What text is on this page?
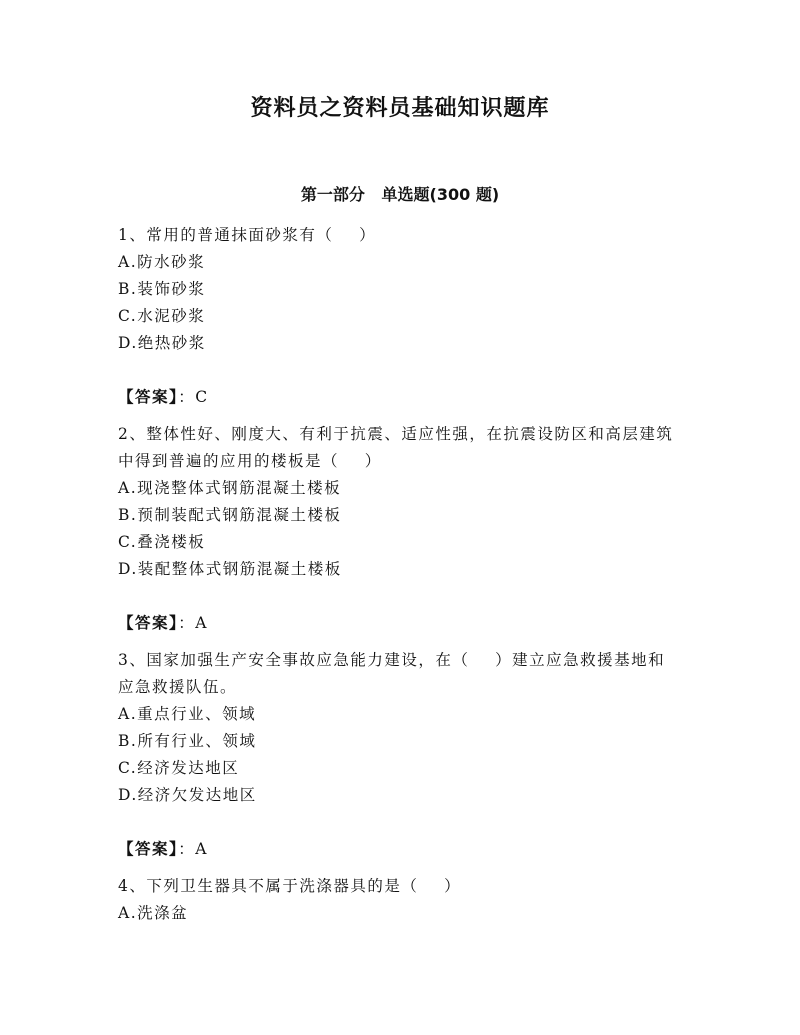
资料员之资料员基础知识题库
第一部分   单选题(300 题)
1、常用的普通抹面砂浆有（    ）
A.防水砂浆
B.装饰砂浆
C.水泥砂浆
D.绝热砂浆
【答案】：C
2、整体性好、刚度大、有利于抗震、适应性强，在抗震设防区和高层建筑中得到普遍的应用的楼板是（    ）
A.现浇整体式钢筋混凝土楼板
B.预制装配式钢筋混凝土楼板
C.叠浇楼板
D.装配整体式钢筋混凝土楼板
【答案】：A
3、国家加强生产安全事故应急能力建设，在（    ）建立应急救援基地和应急救援队伍。
A.重点行业、领域
B.所有行业、领域
C.经济发达地区
D.经济欠发达地区
【答案】：A
4、下列卫生器具不属于洗涤器具的是（    ）
A.洗涤盆
